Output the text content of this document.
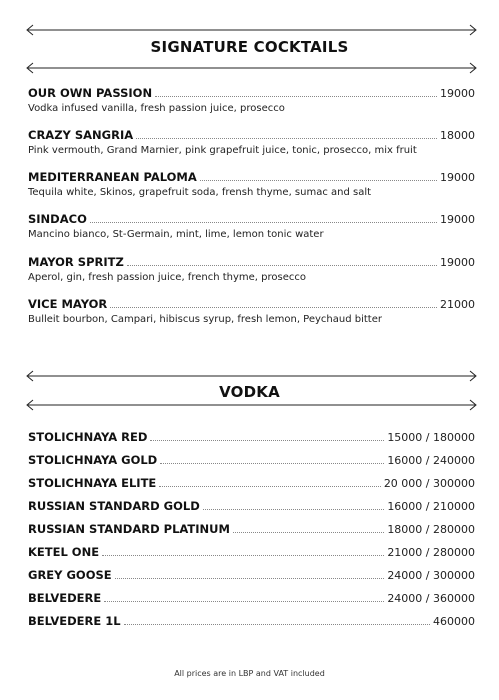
SIGNATURE COCKTAILS
OUR OWN PASSION	19000
Vodka infused vanilla, fresh passion juice, prosecco
CRAZY SANGRIA	18000
Pink vermouth, Grand Marnier, pink grapefruit juice, tonic, prosecco, mix fruit
MEDITERRANEAN PALOMA	19000
Tequila white, Skinos, grapefruit soda, frensh thyme, sumac and salt
SINDACO	19000
Mancino bianco, St-Germain, mint, lime, lemon tonic water
MAYOR SPRITZ	19000
Aperol, gin, fresh passion juice, french thyme, prosecco
VICE MAYOR	21000
Bulleit bourbon, Campari, hibiscus syrup, fresh lemon, Peychaud bitter
VODKA
STOLICHNAYA RED	15000 / 180000
STOLICHNAYA GOLD	16000 / 240000
STOLICHNAYA ELITE	20 000 / 300000
RUSSIAN STANDARD GOLD	16000 / 210000
RUSSIAN STANDARD PLATINUM	18000 / 280000
KETEL ONE	21000 / 280000
GREY GOOSE	24000 / 300000
BELVEDERE	24000 / 360000
BELVEDERE 1L	460000
All prices are in LBP and VAT included
